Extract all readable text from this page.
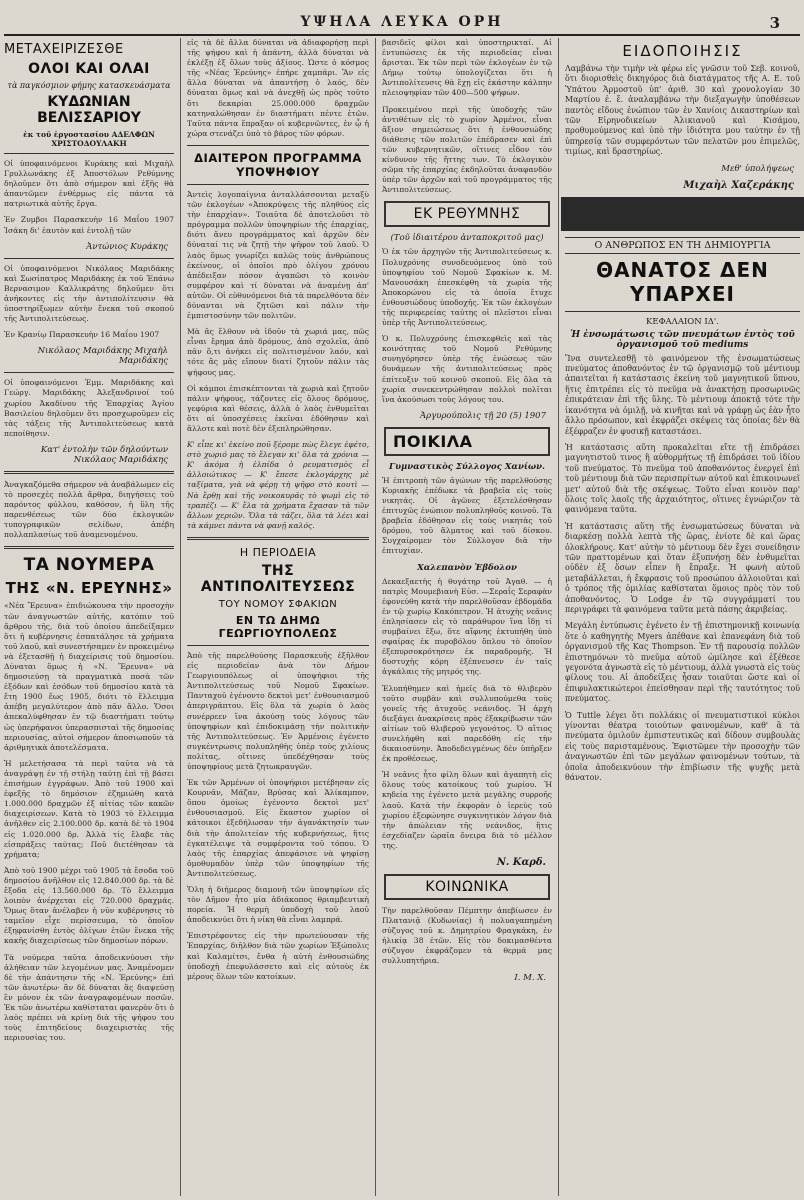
ΥΨΗΛΑ ΛΕΥΚΑ ΟΡΗ	3
ΜΕΤΑΧΕΙΡΙΖΕΣΘΕ
ΟΛΟΙ ΚΑΙ ΟΛΑΙ
τὰ παγκόσμιον φήμης κατασκευάσματα
ΚΥΔΩΝΙΑΝ ΒΕΛΙΣΣΑΡΙΟΥ
ἐκ τοῦ ἐργοστασίου ΑΔΕΛΦΩΝ ΧΡΙΣΤΟΔΟΥΛΑΚΗ

Οἱ ὑποφαινόμενοι Κυράκης καὶ Μιχαὴλ Γρυλλωνάκης ἐξ Ἀποστόλων Ρεθύμνης δηλοῦμεν ὅτι ἀπὸ σήμερον καὶ ἐξῆς θὰ ἀπαντῶμεν ἐνθέρμως εἰς πάντα τὰ πατριωτικὰ αὐτῆς ἔργα.

Ἐν Ζυμβοι Παρασκευὴν 16 Μαΐου 1907 Ἰσάκη δι' ἑαυτὸν καὶ ἐντολῇ τῶν

Ἀντώνιος Κυράκης

Οἱ ὑποφαινόμενοι Νικόλαος Μαριδάκης καὶ Σωσίπατρος Μαριδάκης ἐκ τοῦ Ἐπάνω Βερνασιμον Καλλικράτης δηλοῦμεν ὅτι ἀνήκοντες εἰς τὴν ἀντιπολίτευσιν θὰ ὑποστηρίξωμεν αὐτὴν ἔνεκα τοῦ σκοποῦ τῆς Ἀντιπολιτεύσεως.

Ἐν Κρανίῳ Παρασκευὴν 16 Μαΐου 1907

Νικόλαος Μαριδάκης Μιχαὴλ Μαριδάκης

Οἱ ὑποφαινόμενοι Ἐμμ. Μαριδάκης καὶ Γεώργ. Μαριδάκης Ἀλεξανδρινοί τοῦ χωρίου Ἀκαδίνου τῆς Ἐπαρχίας Ἁγίου Βασιλείου δηλοῦμεν ὅτι προσχωροῦμεν εἰς τὰς τάξεις τῆς Ἀντιπολιτεύσεως κατὰ πεποίθησιν.

Κατ' ἐντολὴν τῶν δηλούντων Νικόλαος Μαριδάκης

Ἀναγκαζόμεθα σήμερον νὰ ἀναβάλωμεν εἰς τὸ προσεχὲς πολλὰ ἄρθρα, διηγήσεις τοῦ παρόντος φύλλου, καθόσον, ἡ ὕλη τῆς παρενθέσεως τῶν δύο ἐκλογικῶν τυπογραφικῶν σελίδων, ἀπέβη πολλαπλασίως τοῦ ἀναμενομένου.

ΤΑ ΝΟΥΜΕΡΑ
ΤΗΣ «Ν. ΕΡΕΥΝΗΣ»

«Νέα Ἔρευνα» ἐπιδιώκουσα τὴν προσοχὴν τῶν ἀναγνωστῶν αὐτῆς, κατόπιν τοῦ ἄρθρου τῆς, διὰ τοῦ ὁποίου ἀπεδείξαμεν ὅτι ἡ κυβέρνησις ἐσπατάλησε τὰ χρήματα τοῦ λαοῦ, καὶ συνεστήσαμεν ἐν προκειμένῳ νὰ ἐξετασθῇ ἡ διαχείρισις τοῦ δημοσίου. Δύναται ὅμως ἡ «Ν. Ἔρευνα» νὰ δημοσιεύσῃ τὰ πραγματικὰ ποσὰ τῶν ἐξόδων καὶ ἐσόδων τοῦ δημοσίου κατὰ τὰ ἔτη 1900 ἕως 1905, διότι τὸ ἔλλειμμα ἀπέβη μεγαλύτερον ἀπὸ πᾶν ἄλλο. Ὅσοι ἀπεκαλύφθησαν ἐν τῷ διαστήματι τούτῳ ὡς ὑπερήφανοι ὑπερασπισταὶ τῆς δημοσίας περιουσίας, αὐτοὶ σήμερον ἀποσιωποῦν τὰ ἀριθμητικὰ ἀποτελέσματα.

Ἡ μελετήσασα τὰ περὶ ταῦτα νὰ τὰ ἀναγράψῃ ἐν τῇ στήλῃ ταύτῃ ἐπὶ τῇ βάσει ἐπισήμων ἐγγράφων. Ἀπὸ τοῦ 1900 καὶ ἐφεξῆς τὸ δημόσιον ἐζημιώθη κατὰ 1.000.000 δραχμῶν ἐξ αἰτίας τῶν κακῶν διαχειρίσεων. Κατὰ τὸ 1903 τὸ ἔλλειμμα ἀνῆλθεν εἰς 2.100.000 δρ. κατὰ δὲ τὸ 1904 εἰς 1.020.000 δρ. Ἀλλὰ τίς ἔλαβε τὰς εἰσπράξεις ταύτας; Ποῦ διετέθησαν τὰ χρήματα;

Ἀπὸ τοῦ 1900 μέχρι τοῦ 1905 τὰ ἔσοδα τοῦ δημοσίου ἀνῆλθον εἰς 12.840.000 δρ. τὰ δὲ ἔξοδα εἰς 13.560.000 δρ. Τὸ ἔλλειμμα λοιπὸν ἀνέρχεται εἰς 720.000 δραχμάς. Ὅμως ὅταν ἀνέλαβεν ἡ νῦν κυβέρνησις τὸ ταμεῖον εἶχε περίσσευμα, τὸ ὁποῖον ἐξηφανίσθη ἐντὸς ὀλίγων ἐτῶν ἕνεκα τῆς κακῆς διαχειρίσεως τῶν δημοσίων πόρων.

Τὰ νούμερα ταῦτα ἀποδεικνύουσι τὴν ἀλήθειαν τῶν λεγομένων μας. Ἀναμένομεν δὲ τὴν ἀπάντησιν τῆς «Ν. Ἐρεύνης» ἐπὶ τῶν ἀνωτέρω· ἂν δὲ δύναται ἂς διαψεύσῃ ἓν μόνον ἐκ τῶν ἀναγραφομένων ποσῶν. Ἐκ τῶν ἀνωτέρω καθίσταται φανερὸν ὅτι ὁ λαὸς πρέπει νὰ κρίνῃ διὰ τῆς ψήφου του τοὺς ἐπιτηδείους διαχειριστὰς τῆς περιουσίας του.

εἰς τὰ δὲ ἄλλα δύναται νὰ ἀδιαφορήσῃ περὶ τῆς ψήφου καὶ ἡ ἀπάντη, ἀλλὰ δύναται νὰ ἐκλέξῃ ἐξ ὅλων τοὺς ἀξίους. Ὡστε ὁ κόσμος τῆς «Νέας Ἐρεύνης» ἐπήρε χαμπάρι. Ἂν εἰς ἄλλα δύναται νὰ ἀπαντήσῃ ὁ λαός, δὲν δύναται ὅμως καὶ νὰ ἀνεχθῇ ὡς πρὸς τοῦτο ὅτι δεκαρίαι 25.000.000 δραχμῶν κατηναλώθησαν ἐν διαστήματι πέντε ἐτῶν. Ταῦτα πάντα ἔπραξαν οἱ κυβερνῶντες, ἐν ᾧ ἡ χώρα στενάζει ὑπὸ τὸ βάρος τῶν φόρων.

ΔΙΑΙΤΕΡΟΝ ΠΡΟΓΡΑΜΜΑ ΥΠΟΨΗΦΙΟΥ

Ἀντεὶς λογοπαίγνια ἀνταλλάσσονται μεταξὺ τῶν ἐκλογέων «Ἀποκρύψεις τῆς πληθύος εἰς τὴν ἐπαρχίαν». Τοιαῦτα δὲ ἀποτελοῦσι τὸ πρόγραμμα πολλῶν ὑποψηφίων τῆς ἐπαρχίας, διότι ἄνευ προγράμματος καὶ ἀρχῶν δὲν δύναταί τις νὰ ζητῇ τὴν ψῆφον τοῦ λαοῦ. Ὁ λαὸς ὅμως γνωρίζει καλῶς τοὺς ἀνθρώπους ἐκείνους, οἱ ὁποῖοι πρὸ ὀλίγου χρόνου ἀπέδειξαν πόσον ἀγαπῶσι τὸ κοινὸν συμφέρον καὶ τί δύναται νὰ ἀναμένῃ ἀπ' αὐτῶν. Οἱ εὐθυνόμενοι διὰ τὰ παρελθόντα δὲν δύνανται νὰ ζητῶσι καὶ πάλιν τὴν ἐμπιστοσύνην τῶν πολιτῶν.

Μὰ ἂς ἔλθουν νὰ ἰδοῦν τὰ χωριά μας, πῶς εἶναι ἔρημα ἀπὸ δρόμους, ἀπὸ σχολεῖα, ἀπὸ πᾶν ὅ,τι ἀνήκει εἰς πολιτισμένον λαόν, καὶ τότε ἂς μᾶς εἴπουν διατί ζητοῦν πάλιν τὰς ψήφους μας.

Οἱ κάμποι ἐπισκέπτονται τὰ χωριὰ καὶ ζητοῦν πάλιν ψήφους, τάζοντες εἰς ὅλους δρόμους, γεφύρια καὶ θέσεις, ἀλλὰ ὁ λαὸς ἐνθυμεῖται ὅτι αἱ ὑποσχέσεις ἐκεῖναι ἐδόθησαν καὶ ἄλλοτε καὶ ποτὲ δὲν ἐξεπληρώθησαν.

Κ' εἶπε κι' ἐκείνο ποῦ ξέρομε πὼς ἔλεγε ἐφέτο, στὸ χωριό μας τὸ ἔλεγαν κι' ὅλα τὰ χρόνια — Κ' ἀκόμα ἡ ἐλπίδα ὁ ρευματισμὸς εἶ ἀλλοιώτικος — Κ' ἔπεσε ἐκλογάρχης μὲ ταξίματα, γιὰ νὰ φέρῃ τὴ ψῆφο στὸ κουτὶ — Νὰ ἔρθῃ καὶ τῆς νοικοκυρᾶς τὸ ψωμὶ εἰς τὸ τραπέζι — Κ' ἔλα τὰ χρήματα ἔχασαν τὰ τῶν ἄλλων χεριῶν. Ὅλα τὰ τάζει, ὅλα τὰ λέει καὶ τὰ κάμνει πάντα νὰ φανῇ καλός.

Η ΠΕΡΙΟΔΕΙΑ
ΤΗΣ ΑΝΤΙΠΟΛΙΤΕΥΣΕΩΣ
ΤΟΥ ΝΟΜΟΥ ΣΦΑΚΙΩΝ
ΕΝ ΤΩ ΔΗΜΩ ΓΕΩΡΓΙΟΥΠΟΛΕΩΣ

Ἀπὸ τῆς παρελθούσης Παρασκευῆς ἐξῆλθον εἰς περιοδείαν ἀνὰ τὸν Δῆμον Γεωργιουπόλεως οἱ ὑποψήφιοι τῆς Ἀντιπολιτεύσεως τοῦ Νομοῦ Σφακίων. Πανταχοῦ ἐγένοντο δεκτοὶ μετ' ἐνθουσιασμοῦ ἀπεριγράπτου. Εἰς ὅλα τὰ χωρία ὁ λαὸς συνέρρεεν ἵνα ἀκούσῃ τοὺς λόγους τῶν ὑποψηφίων καὶ ἐπιδοκιμάσῃ τὴν πολιτικὴν τῆς Ἀντιπολιτεύσεως. Ἐν Ἀρμένοις ἐγένετο συγκέντρωσις πολυπληθὴς ὑπὲρ τοὺς χιλίους πολίτας, οἵτινες ὑπεδέχθησαν τοὺς ὑποψηφίους μετὰ ζητωκραυγῶν.

Ἐκ τῶν Ἀρμένων οἱ ὑποψήφιοι μετέβησαν εἰς Κουρνᾶν, Μάζαν, Βρύσας καὶ Ἀλίκαμπον, ὅπου ὁμοίως ἐγένοντο δεκτοὶ μετ' ἐνθουσιασμοῦ. Εἰς ἕκαστον χωρίον οἱ κάτοικοι ἐξεδήλωσαν τὴν ἀγανάκτησίν των διὰ τὴν ἀπολιτείαν τῆς κυβερνήσεως, ἥτις ἐγκατέλειψε τὰ συμφέροντα τοῦ τόπου. Ὁ λαὸς τῆς ἐπαρχίας ἀπεφάσισε νὰ ψηφίσῃ ὁμοθυμαδὸν ὑπὲρ τῶν ὑποψηφίων τῆς Ἀντιπολιτεύσεως.

Ὅλη ἡ διήμερος διαμονὴ τῶν ὑποψηφίων εἰς τὸν Δῆμον ἦτο μία ἀδιάκοπος θριαμβευτικὴ πορεία. Ἡ θερμὴ ὑποδοχὴ τοῦ λαοῦ ἀποδεικνύει ὅτι ἡ νίκη θὰ εἶναι λαμπρά.

Ἐπιστρέφοντες εἰς τὴν πρωτεύουσαν τῆς Ἐπαρχίας, διῆλθον διὰ τῶν χωρίων Ἐξώπολις καὶ Καλαμίτσι, ἔνθα ἡ αὐτὴ ἐνθουσιώδης ὑποδοχὴ ἐπεφυλάσσετο καὶ εἰς αὐτοὺς ἐκ μέρους ὅλων τῶν κατοίκων.

βασιδεῖς φίλοι καὶ ὑποστηρικταί. Αἱ ἐντυπώσεις ἐκ τῆς περιοδείας εἶναι ἄρισται. Ἐκ τῶν περὶ τῶν ἐκλογέων ἐν τῷ Δήμῳ τούτῳ ὑπολογίζεται ὅτι ἡ Ἀντιπολίτευσις θὰ ἔχῃ εἰς ἑκάστην κάλπην πλειοψηφίαν τῶν 400—500 ψήφων.

Προκειμένου περὶ τῆς ὑποδοχῆς τῶν ἀντιθέτων εἰς τὸ χωρίον Ἀρμένοι, εἶναι ἄξιον σημειώσεως ὅτι ἡ ἐνθουσιώδης διάθεσις τῶν πολιτῶν ἐπέδρασεν καὶ ἐπὶ τῶν κυβερνητικῶν, οἵτινες εἶδον τὸν κίνδυνον τῆς ἥττης των. Τὸ ἐκλογικὸν σῶμα τῆς ἐπαρχίας ἐκδηλοῦται ἀναφανδὸν ὑπὲρ τῶν ἀρχῶν καὶ τοῦ προγράμματος τῆς Ἀντιπολιτεύσεως.

ΕΚ ΡΕΘΥΜΝΗΣ
(Τοῦ ἰδιαιτέρου ἀνταποκριτοῦ μας)

Ὁ ἐκ τῶν ἀρχηγῶν τῆς Ἀντιπολιτεύσεως κ. Πολυχρόνης συνοδευόμενος ὑπὸ τοῦ ὑποψηφίου τοῦ Νομοῦ Σφακίων κ. Μ. Μανουσάκη ἐπεσκέφθη τὰ χωρία τῆς Ἀποκορώνου εἰς τὰ ὁποῖα ἔτυχε ἐνθουσιώδους ὑποδοχῆς. Ἐκ τῶν ἐκλογέων τῆς περιφερείας ταύτης οἱ πλεῖστοι εἶναι ὑπὲρ τῆς Ἀντιπολιτεύσεως.

Ὁ κ. Πολυχρόνης ἐπισκεφθεὶς καὶ τὰς κοινότητας τοῦ Νομοῦ Ρεθύμνης συνηγόρησεν ὑπὲρ τῆς ἑνώσεως τῶν δυνάμεων τῆς ἀντιπολιτεύσεως πρὸς ἐπίτευξιν τοῦ κοινοῦ σκοποῦ. Εἰς ὅλα τὰ χωρία συνεκεντρώθησαν πολλοὶ πολῖται ἵνα ἀκούσωσι τοὺς λόγους του.

Ἀργυρούπολις τῇ 20 (5) 1907
ΠΟΙΚΙΛΑ
Γυμναστικὸς Σύλλογος Χανίων.

Ἡ ἐπιτροπὴ τῶν ἀγώνων τῆς παρελθούσης Κυριακῆς ἐπέδωκε τὰ βραβεῖα εἰς τοὺς νικητάς. Οἱ ἀγῶνες ἐξετελέσθησαν ἐπιτυχῶς ἐνώπιον πολυπληθοῦς κοινοῦ. Τὰ βραβεῖα ἐδόθησαν εἰς τοὺς νικητὰς τοῦ δρόμου, τοῦ ἅλματος καὶ τοῦ δίσκου. Συγχαίρομεν τὸν Σύλλογον διὰ τὴν ἐπιτυχίαν.

Χαλεπανὸν Ἐβδολον

Δεκαεξαετὴς ἡ θυγάτηρ τοῦ Ἀγαθ. — ἡ πατρὶς Μουμεβιανὴ Εὐσ. —Σεραΐς Σεραφὰν ἐφονεύθη κατὰ τὴν παρελθοῦσαν ἑβδομάδα ἐν τῷ χωρίῳ Κακόπετρον. Ἡ ἀτυχὴς νεᾶνις ἐπλησίασεν εἰς τὸ παράθυρον ἵνα ἴδῃ τί συμβαίνει ἔξω, ὅτε αἴφνης ἐκτυπήθη ὑπὸ σφαίρας ἐκ πυροβόλου ὅπλου τὸ ὁποῖον ἐξεπυρσοκρότησεν ἐκ παραδρομῆς. Ἡ δυστυχὴς κόρη ἐξέπνευσεν ἐν ταῖς ἀγκάλαις τῆς μητρός της.

Ἐλυπήθημεν καὶ ἡμεῖς διὰ τὸ θλιβερὸν τοῦτο συμβὰν καὶ συλλυπούμεθα τοὺς γονεῖς τῆς ἀτυχοῦς νεάνιδος. Ἡ ἀρχὴ διεξάγει ἀνακρίσεις πρὸς ἐξακρίβωσιν τῶν αἰτίων τοῦ θλιβεροῦ γεγονότος. Ὁ αἴτιος συνελήφθη καὶ παρεδόθη εἰς τὴν δικαιοσύνην. Ἀποδεδειγμένως δὲν ὑπῆρξεν ἐκ προθέσεως.

Ἡ νεᾶνις ἦτο φίλη ὅλων καὶ ἀγαπητὴ εἰς ὅλους τοὺς κατοίκους τοῦ χωρίου. Ἡ κηδεία της ἐγένετο μετὰ μεγάλης συρροῆς λαοῦ. Κατὰ τὴν ἐκφορὰν ὁ ἱερεὺς τοῦ χωρίου ἐξεφώνησε συγκινητικὸν λόγον διὰ τὴν ἀπώλειαν τῆς νεάνιδος, ἥτις ἐσχεδίαζεν ὡραῖα ὄνειρα διὰ τὸ μέλλον της.

Ν. Καρδ.
ΚΟΙΝΩΝΙΚΑ

Τὴν παρελθοῦσαν Πέμπτην ἀπεβίωσεν ἐν Πλατανιᾷ (Κυδωνίας) ἡ πολυαγαπημένη σύζυγος τοῦ κ. Δημητρίου Φραγκάκη, ἐν ἡλικίᾳ 38 ἐτῶν. Εἰς τὸν δοκιμασθέντα σύζυγον ἐκφράζομεν τὰ θερμά μας συλλυπητήρια.

Ι. Μ. Χ.
ΕΙΔΟΠΟΙΗΣΙΣ

Λαμβάνω τὴν τιμὴν νὰ φέρω εἰς γνῶσιν τοῦ Σεβ. κοινοῦ, ὅτι διορισθεὶς δικηγόρος διὰ διατάγματος τῆς Α. Ε. τοῦ Ὑπάτου Ἁρμοστοῦ ὑπ' ἀριθ. 30 καὶ χρονολογίαν 30 Μαρτίου ἐ. ἔ. ἀναλαμβάνω τὴν διεξαγωγὴν ὑποθέσεων παντὸς εἴδους ἐνώπιον τῶν ἐν Χανίοις Δικαστηρίων καὶ τῶν Εἰρηνοδικείων Ἀλικιανοῦ καὶ Κισάμου, προθυμούμενος καὶ ὑπὸ τὴν ἰδιότητα μου ταύτην ἐν τῇ ὑπηρεσίᾳ τῶν συμφερόντων τῶν πελατῶν μου ἐπιμελῶς, τιμίως, καὶ δραστηρίως.

Μεθ' ὑπολήψεως
Μιχαὴλ Χαζεράκης
Ο ΑΝΘΡΩΠΟΣ ΕΝ ΤΗ ΔΗΜΙΟΥΡΓΙΑ
ΘΑΝΑΤΟΣ ΔΕΝ ΥΠΑΡΧΕΙ
ΚΕΦΑΛΑΙΟΝ ΙΔ'.
Ἡ ἐνσωμάτωσις τῶν πνευμάτων ἐντὸς τοῦ ὀργανισμοῦ τοῦ mediums

Ἵνα συντελεσθῇ τὸ φαινόμενον τῆς ἐνσωματώσεως πνεύματος ἀποθανόντος ἐν τῷ ὀργανισμῷ τοῦ μέντιουμ ἀπαιτεῖται ἡ κατάστασις ἐκείνη τοῦ μαγνητικοῦ ὕπνου, ἥτις ἐπιτρέπει εἰς τὸ πνεῦμα νὰ ἀνακτήσῃ προσωρινῶς ἐπικράτειαν ἐπὶ τῆς ὕλης. Τὸ μέντιουμ ἀποκτᾷ τότε τὴν ἱκανότητα νὰ ὁμιλῇ, νὰ κινῆται καὶ νὰ γράφῃ ὡς ἐὰν ἦτο ἄλλο πρόσωπον, καὶ ἐκφράζει σκέψεις τὰς ὁποίας δὲν θὰ ἐξέφραζεν ἐν φυσικῇ καταστάσει.

Ἡ κατάστασις αὕτη προκαλεῖται εἴτε τῇ ἐπιδράσει μαγνητιστοῦ τινος ἢ αὐθορμήτως τῇ ἐπιδράσει τοῦ ἰδίου τοῦ πνεύματος. Τὸ πνεῦμα τοῦ ἀποθανόντος ἐνεργεῖ ἐπὶ τοῦ μέντιουμ διὰ τῶν περισπρίτων αὐτοῦ καὶ ἐπικοινωνεῖ μετ' αὐτοῦ διὰ τῆς σκέψεως. Τοῦτο εἶναι κοινὸν παρ' ὅλοις τοῖς λαοῖς τῆς ἀρχαιότητος, οἵτινες ἐγνώριζον τὰ φαινόμενα ταῦτα.

Ἡ κατάστασις αὕτη τῆς ἐνσωματώσεως δύναται νὰ διαρκέσῃ πολλὰ λεπτὰ τῆς ὥρας, ἐνίοτε δὲ καὶ ὥρας ὁλοκλήρους. Κατ' αὐτὴν τὸ μέντιουμ δὲν ἔχει συνείδησιν τῶν πραττομένων καὶ ὅταν ἐξυπνήσῃ δὲν ἐνθυμεῖται οὐδὲν ἐξ ὅσων εἶπεν ἢ ἔπραξε. Ἡ φωνὴ αὐτοῦ μεταβάλλεται, ἡ ἔκφρασις τοῦ προσώπου ἀλλοιοῦται καὶ ὁ τρόπος τῆς ὁμιλίας καθίσταται ὅμοιος πρὸς τὸν τοῦ ἀποθανόντος. Ὁ Lodge ἐν τῷ συγγράμματί του περιγράφει τὰ φαινόμενα ταῦτα μετὰ πάσης ἀκριβείας.

Μεγάλη ἐντύπωσις ἐγένετο ἐν τῇ ἐπιστημονικῇ κοινωνίᾳ ὅτε ὁ καθηγητὴς Myers ἀπέθανε καὶ ἐπανεφάνη διὰ τοῦ ὀργανισμοῦ τῆς Κας Thompson. Ἐν τῇ παρουσίᾳ πολλῶν ἐπιστημόνων τὸ πνεῦμα αὐτοῦ ὡμίλησε καὶ ἐξέθεσε γεγονότα ἀγνωστὰ εἰς τὸ μέντιουμ, ἀλλὰ γνωστὰ εἰς τοὺς φίλους του. Αἱ ἀποδείξεις ἦσαν τοιαῦται ὥστε καὶ οἱ ἐπιφυλακτικώτεροι ἐπείσθησαν περὶ τῆς ταυτότητος τοῦ πνεύματος.

Ὁ Tuttle λέγει ὅτι πολλάκις οἱ πνευματιστικοὶ κύκλοι γίνονται θέατρα τοιούτων φαινομένων, καθ' ἃ τὰ πνεύματα ὁμιλοῦν ἐμπιστευτικῶς καὶ δίδουν συμβουλὰς εἰς τοὺς παρισταμένους. Ἐφιστῶμεν τὴν προσοχὴν τῶν ἀναγνωστῶν ἐπὶ τῶν μεγάλων φαινομένων τούτων, τὰ ὁποῖα ἀποδεικνύουν τὴν ἐπιβίωσιν τῆς ψυχῆς μετὰ θάνατον.
